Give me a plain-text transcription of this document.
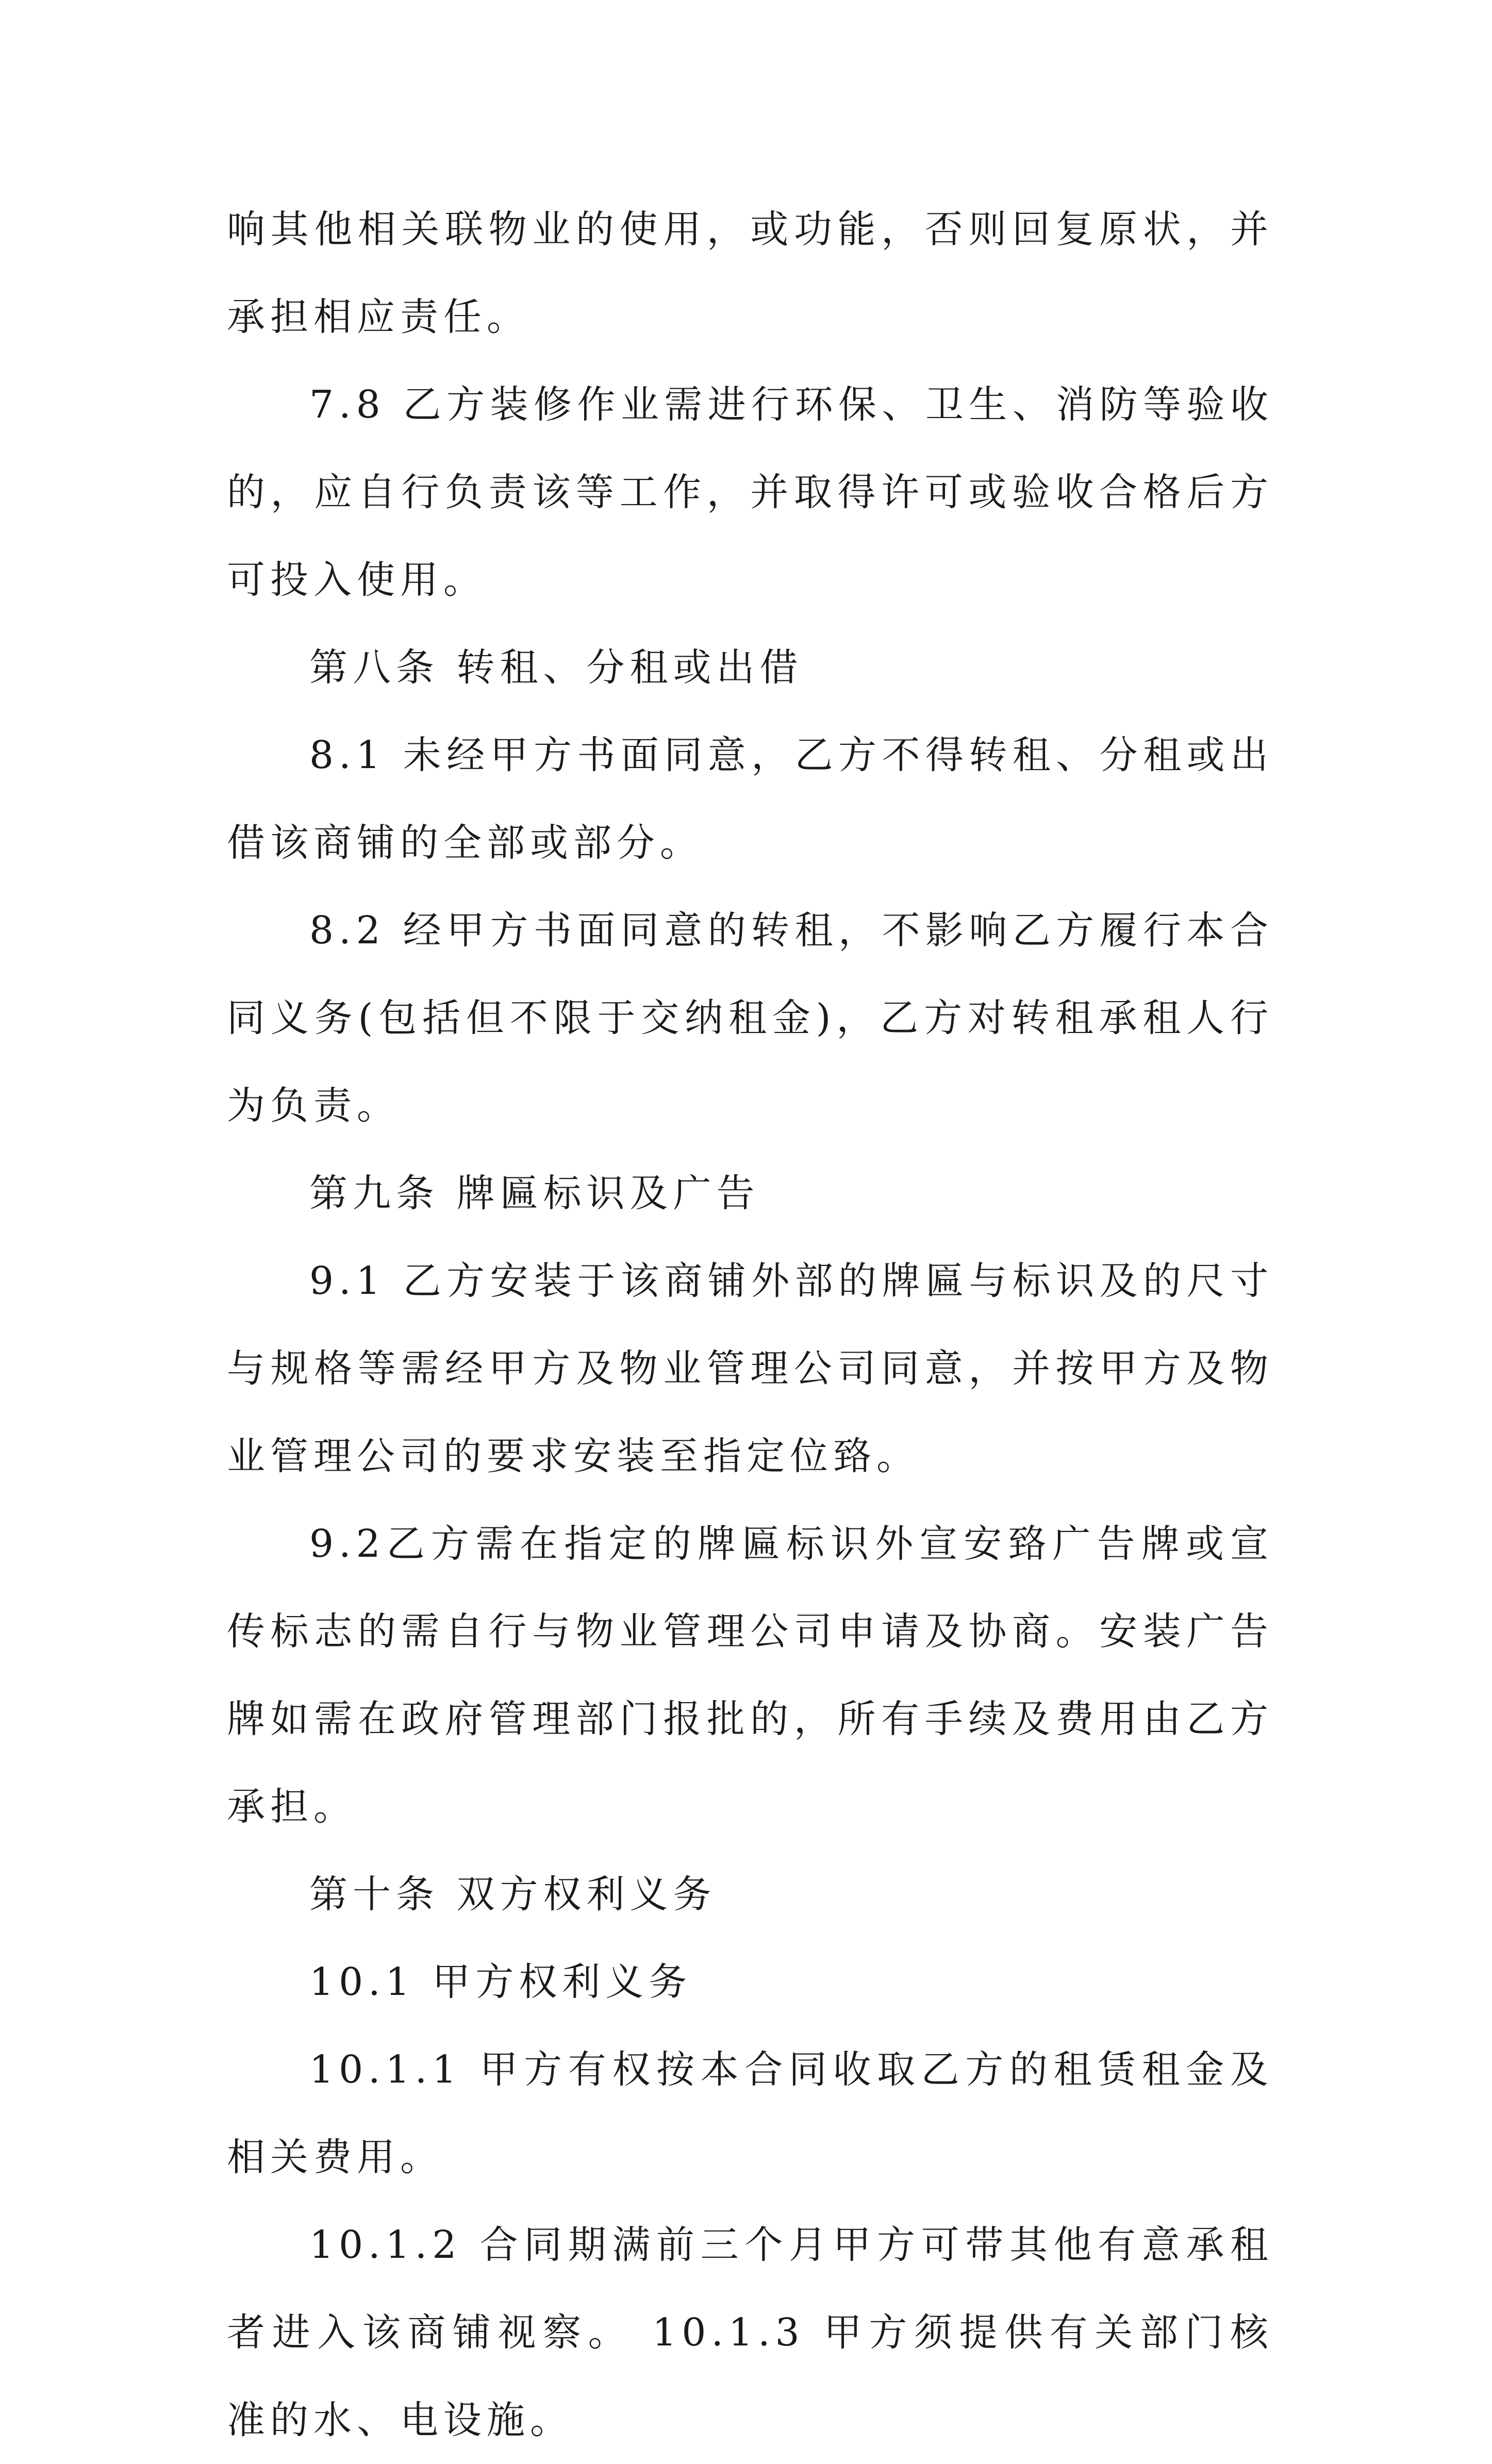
响其他相关联物业的使用，或功能，否则回复原状，并承担相应责任。

7.8 乙方装修作业需进行环保、卫生、消防等验收的，应自行负责该等工作，并取得许可或验收合格后方可投入使用。

第八条 转租、分租或出借

8.1 未经甲方书面同意，乙方不得转租、分租或出借该商铺的全部或部分。

8.2 经甲方书面同意的转租，不影响乙方履行本合同义务(包括但不限于交纳租金)，乙方对转租承租人行为负责。

第九条 牌匾标识及广告

9.1 乙方安装于该商铺外部的牌匾与标识及的尺寸与规格等需经甲方及物业管理公司同意，并按甲方及物业管理公司的要求安装至指定位臵。

9.2乙方需在指定的牌匾标识外宣安臵广告牌或宣传标志的需自行与物业管理公司申请及协商。安装广告牌如需在政府管理部门报批的，所有手续及费用由乙方承担。

第十条 双方权利义务

10.1 甲方权利义务

10.1.1 甲方有权按本合同收取乙方的租赁租金及相关费用。

10.1.2 合同期满前三个月甲方可带其他有意承租者进入该商铺视察。 10.1.3 甲方须提供有关部门核准的水、电设施。
